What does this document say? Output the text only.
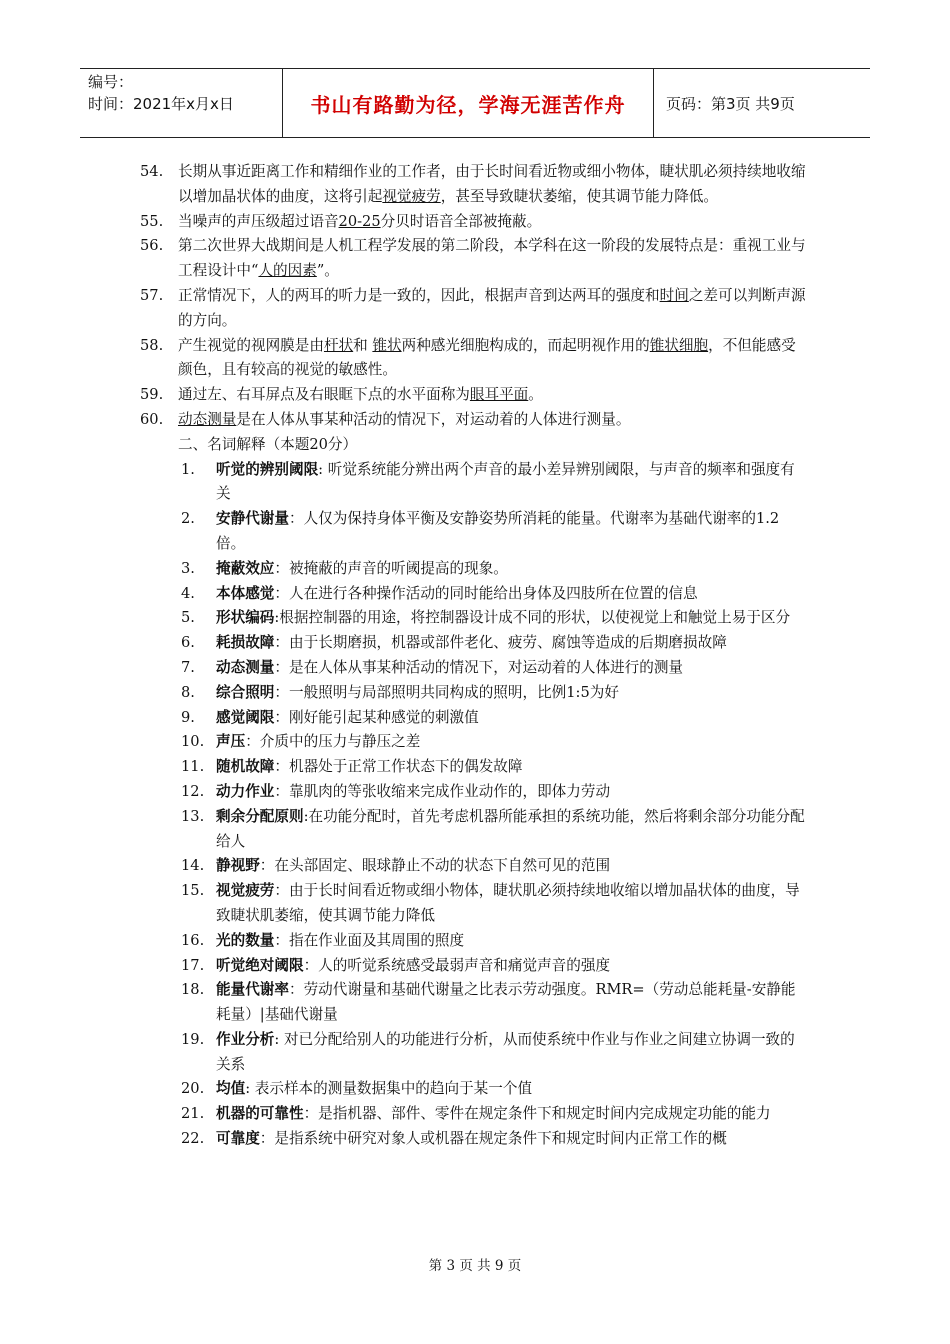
编号：
时间：2021年x月x日	书山有路勤为径，学海无涯苦作舟	页码：第3页 共9页
54.	长期从事近距离工作和精细作业的工作者，由于长时间看近物或细小物体，睫状肌必须持续地收缩以增加晶状体的曲度，这将引起视觉疲劳，甚至导致睫状萎缩，使其调节能力降低。
55.	当噪声的声压级超过语音20-25分贝时语音全部被掩蔽。
56.	第二次世界大战期间是人机工程学发展的第二阶段，本学科在这一阶段的发展特点是：重视工业与工程设计中“人的因素”。
57.	正常情况下，人的两耳的听力是一致的，因此，根据声音到达两耳的强度和时间之差可以判断声源的方向。
58.	产生视觉的视网膜是由杆状和 锥状两种感光细胞构成的，而起明视作用的锥状细胞，不但能感受颜色，且有较高的视觉的敏感性。
59.	通过左、右耳屏点及右眼眶下点的水平面称为眼耳平面。
60.	动态测量是在人体从事某种活动的情况下，对运动着的人体进行测量。
二、名词解释（本题20分）
1.	听觉的辨别阈限: 听觉系统能分辨出两个声音的最小差异辨别阈限，与声音的频率和强度有关
2.	安静代谢量：人仅为保持身体平衡及安静姿势所消耗的能量。代谢率为基础代谢率的1.2倍。
3.	掩蔽效应：被掩蔽的声音的听阈提高的现象。
4.	本体感觉：人在进行各种操作活动的同时能给出身体及四肢所在位置的信息
5.	形状编码:根据控制器的用途，将控制器设计成不同的形状，以使视觉上和触觉上易于区分
6.	耗损故障：由于长期磨损，机器或部件老化、疲劳、腐蚀等造成的后期磨损故障
7.	动态测量：是在人体从事某种活动的情况下，对运动着的人体进行的测量
8.	综合照明：一般照明与局部照明共同构成的照明，比例1:5为好
9.	感觉阈限：刚好能引起某种感觉的刺激值
10. 声压：介质中的压力与静压之差
11. 随机故障：机器处于正常工作状态下的偶发故障
12. 动力作业：靠肌肉的等张收缩来完成作业动作的，即体力劳动
13. 剩余分配原则:在功能分配时，首先考虑机器所能承担的系统功能，然后将剩余部分功能分配给人
14. 静视野：在头部固定、眼球静止不动的状态下自然可见的范围
15. 视觉疲劳：由于长时间看近物或细小物体，睫状肌必须持续地收缩以增加晶状体的曲度，导致睫状肌萎缩，使其调节能力降低
16. 光的数量：指在作业面及其周围的照度
17. 听觉绝对阈限：人的听觉系统感受最弱声音和痛觉声音的强度
18. 能量代谢率：劳动代谢量和基础代谢量之比表示劳动强度。RMR=（劳动总能耗量-安静能耗量）|基础代谢量
19. 作业分析: 对已分配给别人的功能进行分析，从而使系统中作业与作业之间建立协调一致的关系
20. 均值: 表示样本的测量数据集中的趋向于某一个值
21. 机器的可靠性：是指机器、部件、零件在规定条件下和规定时间内完成规定功能的能力
22. 可靠度：是指系统中研究对象人或机器在规定条件下和规定时间内正常工作的概
第 3 页 共 9 页
